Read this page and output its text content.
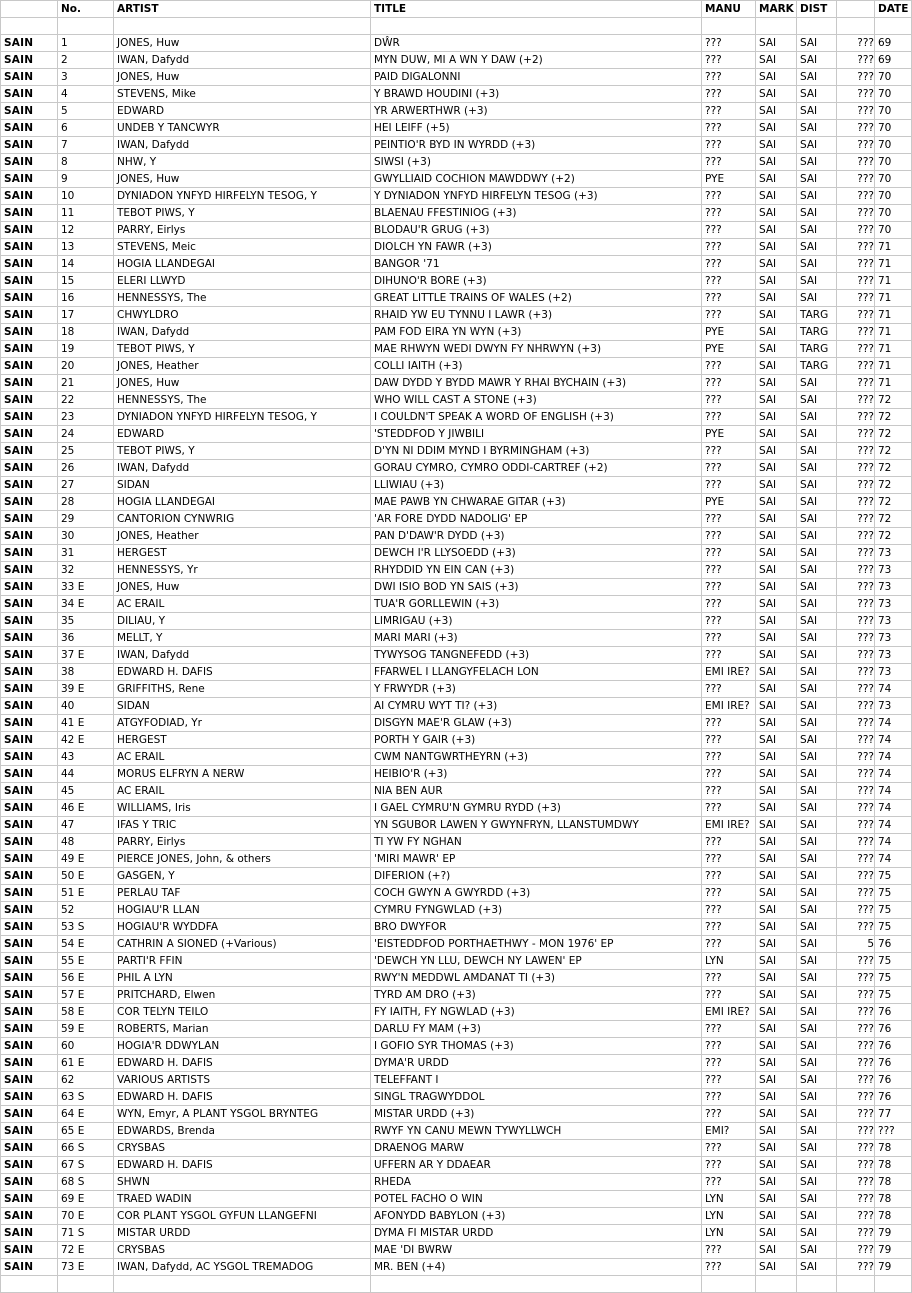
	No.	ARTIST	TITLE	MANU	MARK	DIST		DATE

SAIN	1	JONES, Huw	DŴR	???	SAI	SAI	???	69
SAIN	2	IWAN, Dafydd	MYN DUW, MI A WN Y DAW (+2)	???	SAI	SAI	???	69
SAIN	3	JONES, Huw	PAID DIGALONNI	???	SAI	SAI	???	70
SAIN	4	STEVENS, Mike	Y BRAWD HOUDINI (+3)	???	SAI	SAI	???	70
SAIN	5	EDWARD	YR ARWERTHWR (+3)	???	SAI	SAI	???	70
SAIN	6	UNDEB Y TANCWYR	HEI LEIFF (+5)	???	SAI	SAI	???	70
SAIN	7	IWAN, Dafydd	PEINTIO'R BYD IN WYRDD (+3)	???	SAI	SAI	???	70
SAIN	8	NHW, Y	SIWSI (+3)	???	SAI	SAI	???	70
SAIN	9	JONES, Huw	GWYLLIAID COCHION MAWDDWY (+2)	PYE	SAI	SAI	???	70
SAIN	10	DYNIADON YNFYD HIRFELYN TESOG, Y	Y DYNIADON YNFYD HIRFELYN TESOG (+3)	???	SAI	SAI	???	70
SAIN	11	TEBOT PIWS, Y	BLAENAU FFESTINIOG (+3)	???	SAI	SAI	???	70
SAIN	12	PARRY, Eirlys	BLODAU'R GRUG (+3)	???	SAI	SAI	???	70
SAIN	13	STEVENS, Meic	DIOLCH YN FAWR (+3)	???	SAI	SAI	???	71
SAIN	14	HOGIA LLANDEGAI	BANGOR '71	???	SAI	SAI	???	71
SAIN	15	ELERI LLWYD	DIHUNO'R BORE (+3)	???	SAI	SAI	???	71
SAIN	16	HENNESSYS, The	GREAT LITTLE TRAINS OF WALES (+2)	???	SAI	SAI	???	71
SAIN	17	CHWYLDRO	RHAID YW EU TYNNU I LAWR (+3)	???	SAI	TARG	???	71
SAIN	18	IWAN, Dafydd	PAM FOD EIRA YN WYN (+3)	PYE	SAI	TARG	???	71
SAIN	19	TEBOT PIWS, Y	MAE RHWYN WEDI DWYN FY NHRWYN (+3)	PYE	SAI	TARG	???	71
SAIN	20	JONES, Heather	COLLI IAITH (+3)	???	SAI	TARG	???	71
SAIN	21	JONES, Huw	DAW DYDD Y BYDD MAWR Y RHAI BYCHAIN (+3)	???	SAI	SAI	???	71
SAIN	22	HENNESSYS, The	WHO WILL CAST A STONE (+3)	???	SAI	SAI	???	72
SAIN	23	DYNIADON YNFYD HIRFELYN TESOG, Y	I COULDN'T SPEAK A WORD OF ENGLISH (+3)	???	SAI	SAI	???	72
SAIN	24	EDWARD	'STEDDFOD Y JIWBILI	PYE	SAI	SAI	???	72
SAIN	25	TEBOT PIWS, Y	D'YN NI DDIM MYND I BYRMINGHAM (+3)	???	SAI	SAI	???	72
SAIN	26	IWAN, Dafydd	GORAU CYMRO, CYMRO ODDI-CARTREF (+2)	???	SAI	SAI	???	72
SAIN	27	SIDAN	LLIWIAU (+3)	???	SAI	SAI	???	72
SAIN	28	HOGIA LLANDEGAI	MAE PAWB YN CHWARAE GITAR (+3)	PYE	SAI	SAI	???	72
SAIN	29	CANTORION CYNWRIG	'AR FORE DYDD NADOLIG' EP	???	SAI	SAI	???	72
SAIN	30	JONES, Heather	PAN D'DAW'R DYDD (+3)	???	SAI	SAI	???	72
SAIN	31	HERGEST	DEWCH I'R LLYSOEDD (+3)	???	SAI	SAI	???	73
SAIN	32	HENNESSYS, Yr	RHYDDID YN EIN CAN (+3)	???	SAI	SAI	???	73
SAIN	33 E	JONES, Huw	DWI ISIO BOD YN SAIS (+3)	???	SAI	SAI	???	73
SAIN	34 E	AC ERAIL	TUA'R GORLLEWIN (+3)	???	SAI	SAI	???	73
SAIN	35	DILIAU, Y	LIMRIGAU (+3)	???	SAI	SAI	???	73
SAIN	36	MELLT, Y	MARI MARI (+3)	???	SAI	SAI	???	73
SAIN	37 E	IWAN, Dafydd	TYWYSOG TANGNEFEDD (+3)	???	SAI	SAI	???	73
SAIN	38	EDWARD H. DAFIS	FFARWEL I LLANGYFELACH LON	EMI IRE?	SAI	SAI	???	73
SAIN	39 E	GRIFFITHS, Rene	Y FRWYDR (+3)	???	SAI	SAI	???	74
SAIN	40	SIDAN	AI CYMRU WYT TI? (+3)	EMI IRE?	SAI	SAI	???	73
SAIN	41 E	ATGYFODIAD, Yr	DISGYN MAE'R GLAW (+3)	???	SAI	SAI	???	74
SAIN	42 E	HERGEST	PORTH Y GAIR (+3)	???	SAI	SAI	???	74
SAIN	43	AC ERAIL	CWM NANTGWRTHEYRN (+3)	???	SAI	SAI	???	74
SAIN	44	MORUS ELFRYN A NERW	HEIBIO'R (+3)	???	SAI	SAI	???	74
SAIN	45	AC ERAIL	NIA BEN AUR	???	SAI	SAI	???	74
SAIN	46 E	WILLIAMS, Iris	I GAEL CYMRU'N GYMRU RYDD (+3)	???	SAI	SAI	???	74
SAIN	47	IFAS Y TRIC	YN SGUBOR LAWEN Y GWYNFRYN, LLANSTUMDWY	EMI IRE?	SAI	SAI	???	74
SAIN	48	PARRY, Eirlys	TI YW FY NGHAN	???	SAI	SAI	???	74
SAIN	49 E	PIERCE JONES, John, & others	'MIRI MAWR' EP	???	SAI	SAI	???	74
SAIN	50 E	GASGEN, Y	DIFERION (+?)	???	SAI	SAI	???	75
SAIN	51 E	PERLAU TAF	COCH GWYN A GWYRDD (+3)	???	SAI	SAI	???	75
SAIN	52	HOGIAU'R LLAN	CYMRU FYNGWLAD (+3)	???	SAI	SAI	???	75
SAIN	53 S	HOGIAU'R WYDDFA	BRO DWYFOR	???	SAI	SAI	???	75
SAIN	54 E	CATHRIN A SIONED (+Various)	'EISTEDDFOD PORTHAETHWY - MON 1976' EP	???	SAI	SAI	5	76
SAIN	55 E	PARTI'R FFIN	'DEWCH YN LLU, DEWCH NY LAWEN' EP	LYN	SAI	SAI	???	75
SAIN	56 E	PHIL A LYN	RWY'N MEDDWL AMDANAT TI (+3)	???	SAI	SAI	???	75
SAIN	57 E	PRITCHARD, Elwen	TYRD AM DRO (+3)	???	SAI	SAI	???	75
SAIN	58 E	COR TELYN TEILO	FY IAITH, FY NGWLAD (+3)	EMI IRE?	SAI	SAI	???	76
SAIN	59 E	ROBERTS, Marian	DARLU FY MAM (+3)	???	SAI	SAI	???	76
SAIN	60	HOGIA'R DDWYLAN	I GOFIO SYR THOMAS (+3)	???	SAI	SAI	???	76
SAIN	61 E	EDWARD H. DAFIS	DYMA'R URDD	???	SAI	SAI	???	76
SAIN	62	VARIOUS ARTISTS	TELEFFANT I	???	SAI	SAI	???	76
SAIN	63 S	EDWARD H. DAFIS	SINGL TRAGWYDDOL	???	SAI	SAI	???	76
SAIN	64 E	WYN, Emyr, A PLANT YSGOL BRYNTEG	MISTAR URDD (+3)	???	SAI	SAI	???	77
SAIN	65 E	EDWARDS, Brenda	RWYF YN CANU MEWN TYWYLLWCH	EMI?	SAI	SAI	???	???
SAIN	66 S	CRYSBAS	DRAENOG MARW	???	SAI	SAI	???	78
SAIN	67 S	EDWARD H. DAFIS	UFFERN AR Y DDAEAR	???	SAI	SAI	???	78
SAIN	68 S	SHWN	RHEDA	???	SAI	SAI	???	78
SAIN	69 E	TRAED WADIN	POTEL FACHO O WIN	LYN	SAI	SAI	???	78
SAIN	70 E	COR PLANT YSGOL GYFUN LLANGEFNI	AFONYDD BABYLON (+3)	LYN	SAI	SAI	???	78
SAIN	71 S	MISTAR URDD	DYMA FI MISTAR URDD	LYN	SAI	SAI	???	79
SAIN	72 E	CRYSBAS	MAE 'DI BWRW	???	SAI	SAI	???	79
SAIN	73 E	IWAN, Dafydd, AC YSGOL TREMADOG	MR. BEN (+4)	???	SAI	SAI	???	79
